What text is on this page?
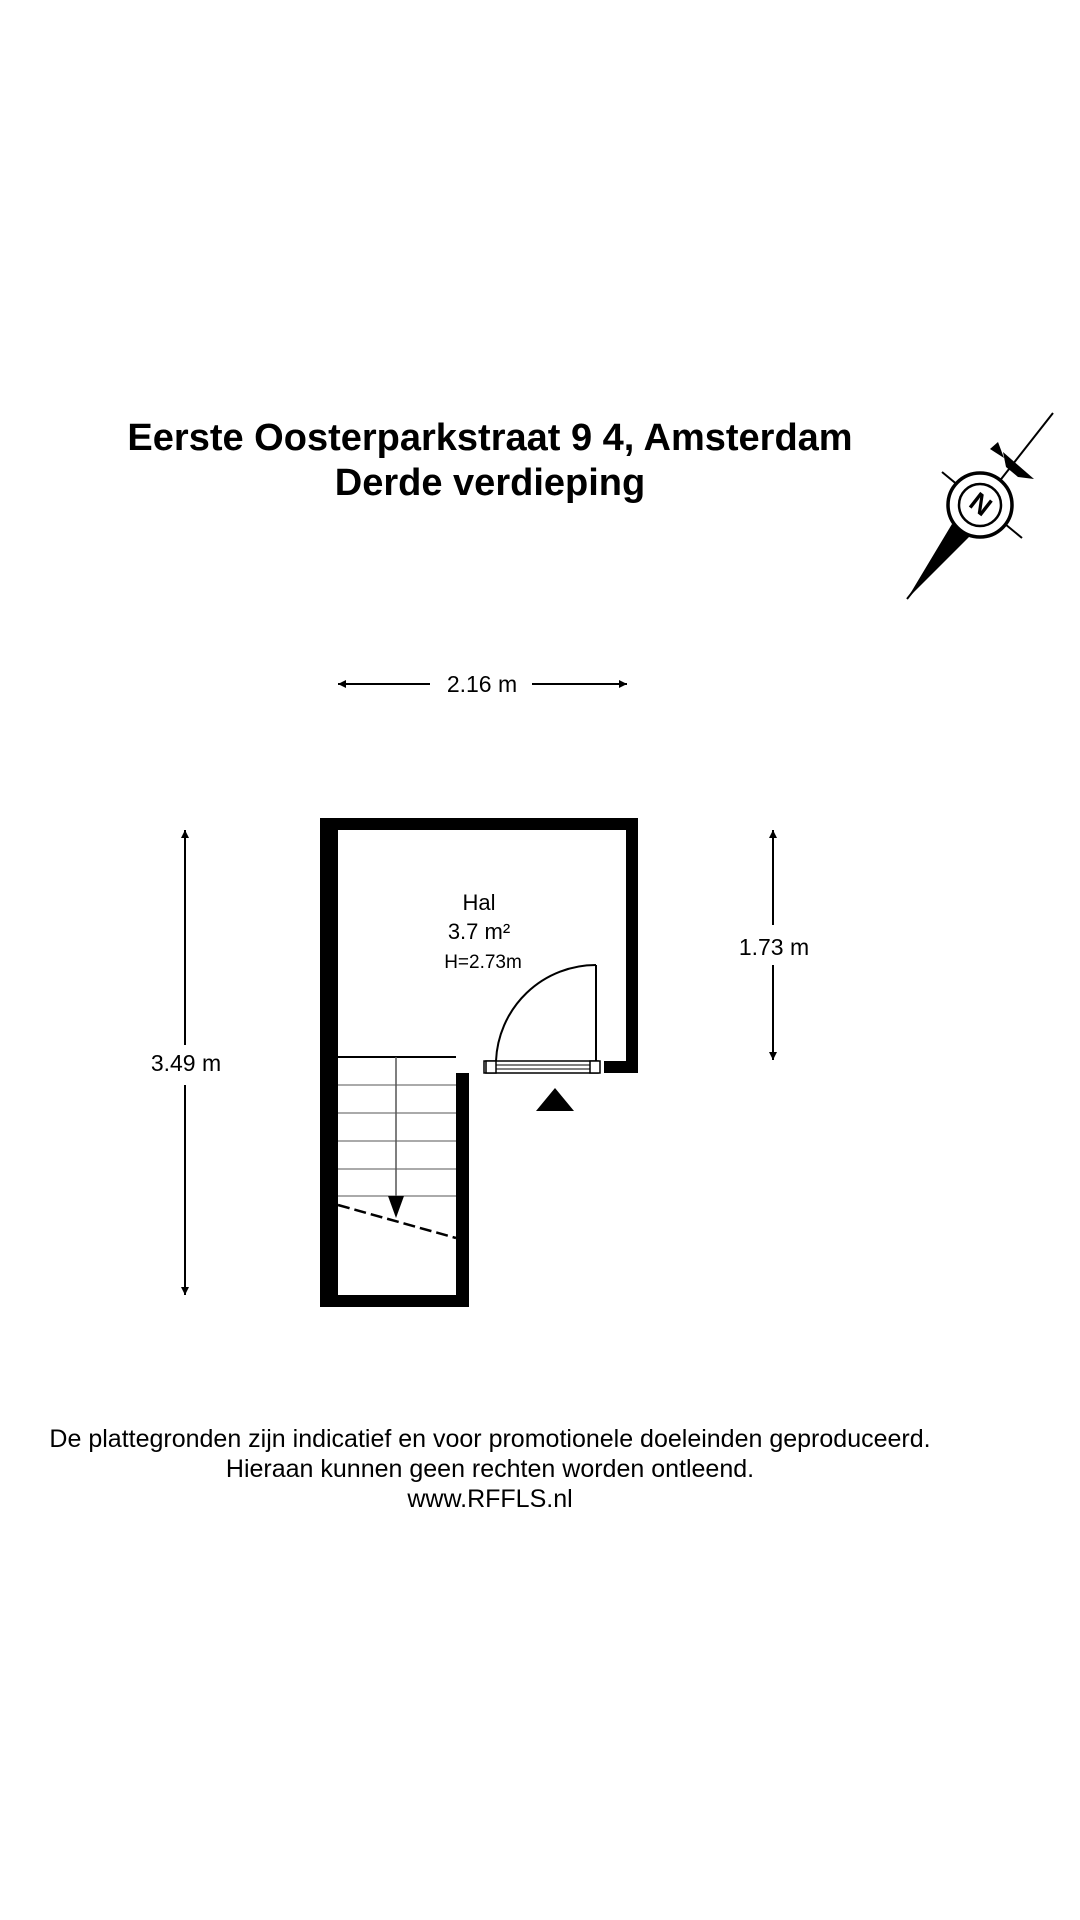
Eerste Oosterparkstraat 9 4, Amsterdam
Derde verdieping
N
2.16 m
3.49 m
1.73 m
Hal
3.7 m²
H=2.73m
De plattegronden zijn indicatief en voor promotionele doeleinden geproduceerd.
Hieraan kunnen geen rechten worden ontleend.
www.RFFLS.nl
